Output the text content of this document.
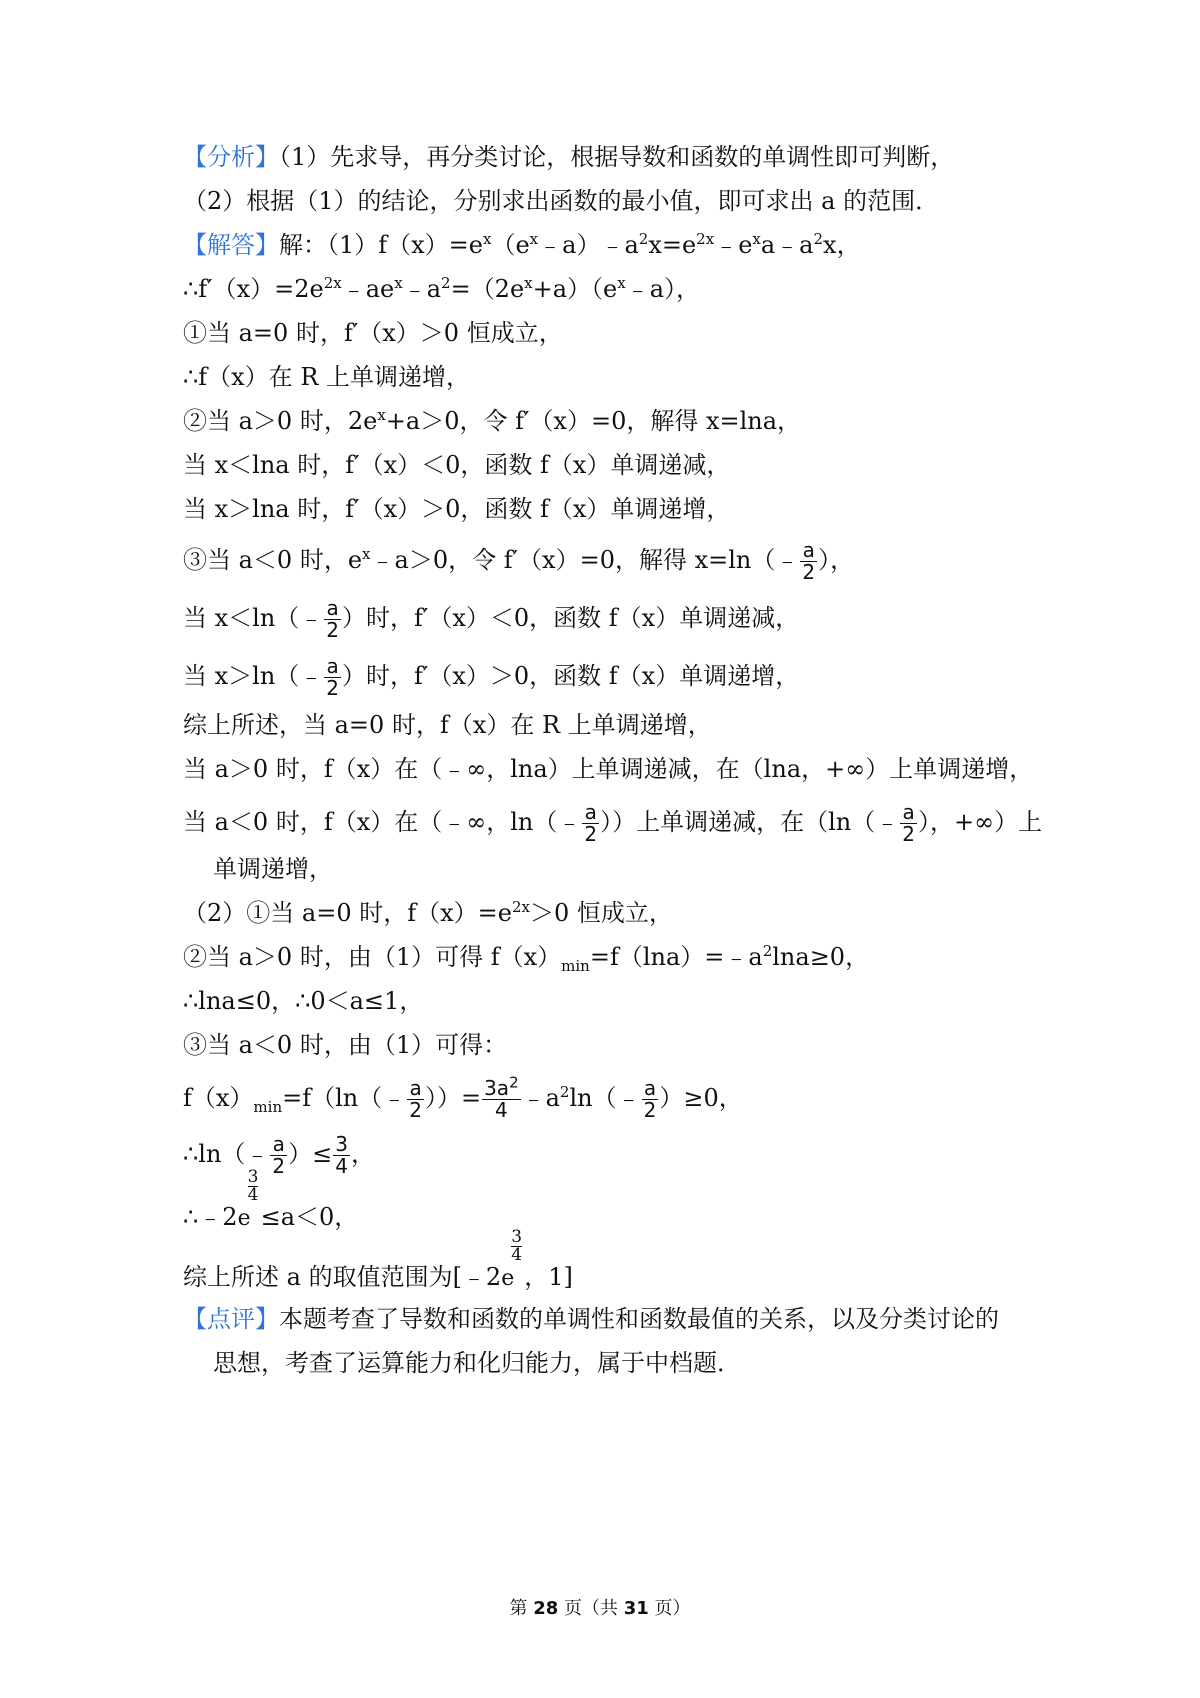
【分析】（1）先求导，再分类讨论，根据导数和函数的单调性即可判断，
（2）根据（1）的结论，分别求出函数的最小值，即可求出 a 的范围．
【解答】解：$(1)f(x)=e^x(e^x﹣a)﹣a^2x=e^{2x}﹣e^xa﹣a^2x$，
$\therefore f'(x)=2e^{2x}﹣ae^x﹣a^2=(2e^x+a)(e^x﹣a)$，
①当 a=0 时，f′（x）＞0 恒成立，
∴f（x）在 R 上单调递增，
②当 a＞0 时，$2e^x+a>0$，令 f′（x）=0，解得 x=lna，
当 x＜lna 时，f′（x）＜0，函数 f（x）单调递减，
当 x＞lna 时，f′（x）＞0，函数 f（x）单调递增，
③当 a＜0 时，$e^x﹣a>0$，令 f′（x）=0，解得 x=ln（﹣ $\frac{a}{2}$ ），
当 x＜ln（﹣ $\frac{a}{2}$ ）时，f′（x）＜0，函数 f（x）单调递减，
当 x＞ln（﹣ $\frac{a}{2}$ ）时，f′（x）＞0，函数 f（x）单调递增，
综上所述，当 a=0 时，f（x）在 R 上单调递增，
当 a＞0 时，f（x）在（﹣∞，lna）上单调递减，在（lna，+∞）上单调递增，
当 a＜0 时，f（x）在（﹣∞，ln（﹣ $\frac{a}{2}$ ））上单调递减，在（ln（﹣ $\frac{a}{2}$ ），+∞）上
单调递增，
（2）①当 a=0 时，$f(x)=e^{2x}>0$ 恒成立，
②当 a＞0 时，由（1）可得 $f(x)_{min}=f(\ln a)=﹣a^2\ln a\ge 0$，
∴lna≤0，∴0＜a≤1，
③当 a＜0 时，由（1）可得：
$f(x)_{min}=f(\ln(﹣ \frac{a}{2}$ ））= $\frac{3a^2}{4}$ $﹣a^2\ln(﹣ \frac{a}{2} )\ge 0$，
∴ln（﹣ $\frac{a}{2}$ ）≤ $\frac{3}{4}$ ，
∴﹣2e
3
4
≤a＜0，
综上所述 a 的取值范围为[﹣2e
3
4
，1]
【点评】本题考查了导数和函数的单调性和函数最值的关系，以及分类讨论的
思想，考查了运算能力和化归能力，属于中档题．
第 28 页（共 31 页）
